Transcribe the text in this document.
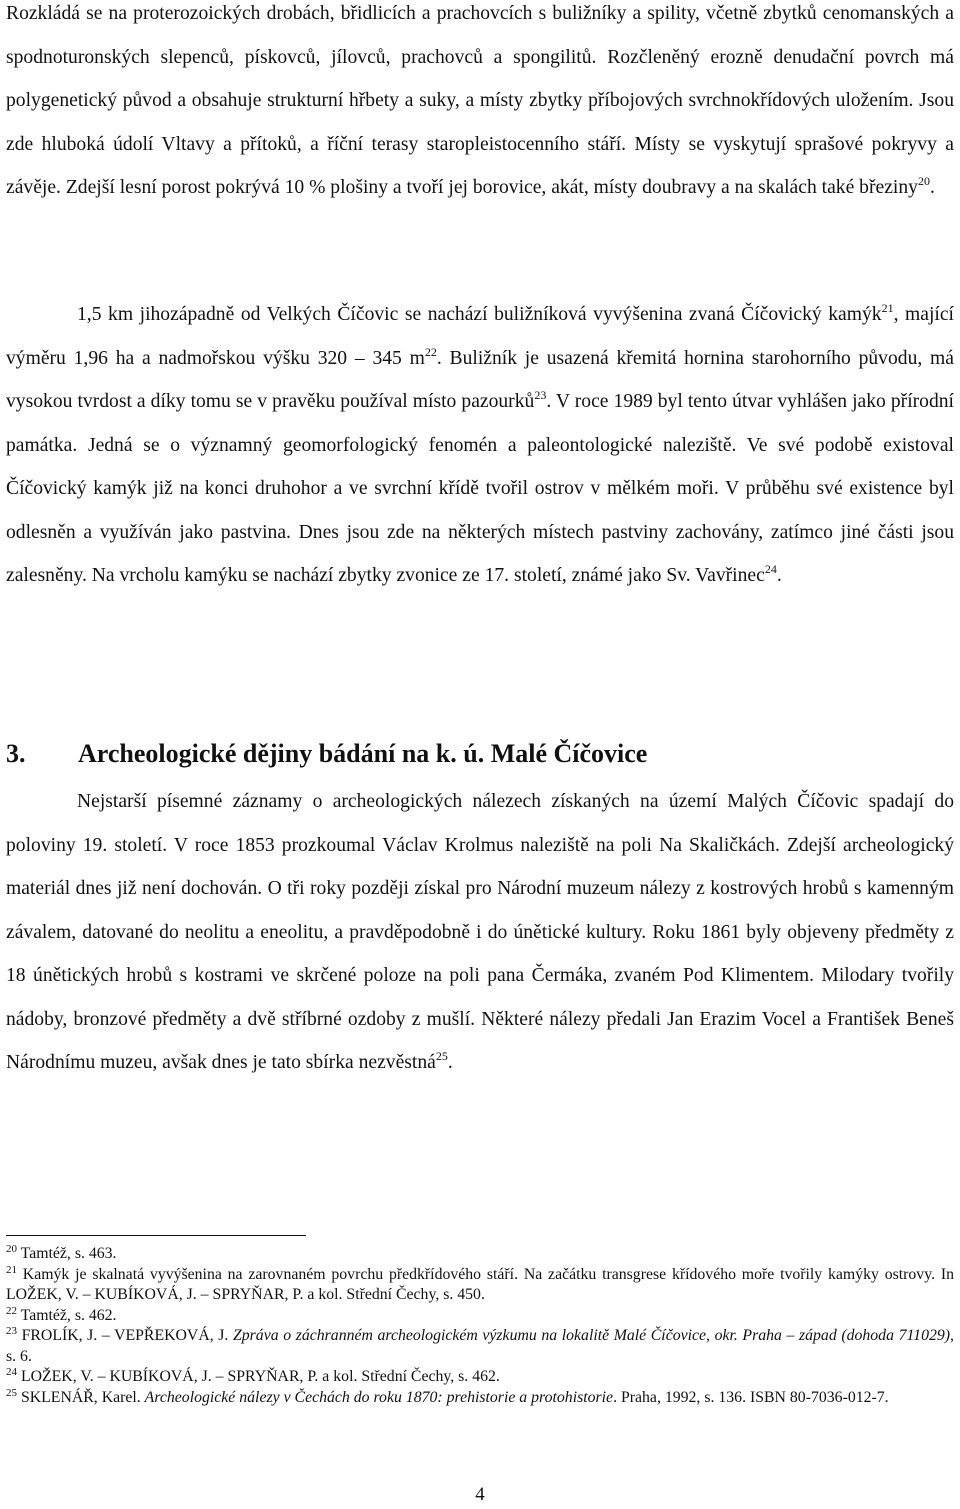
Rozkládá se na proterozoických drobách, břidlicích a prachovcích s buližníky a spility, včetně zbytků cenomanských a spodnoturonských slepenců, pískovců, jílovců, prachovců a spongilitů. Rozčleněný erozně denudační povrch má polygenetický původ a obsahuje strukturní hřbety a suky, a místy zbytky příbojových svrchnokřídových uložením. Jsou zde hluboká údolí Vltavy a přítoků, a říční terasy staropleistocenního stáří. Místy se vyskytují sprašové pokryvy a závěje. Zdejší lesní porost pokrývá 10 % plošiny a tvoří jej borovice, akát, místy doubravy a na skalách také březiny$^{20}$.

1,5 km jihozápadně od Velkých Číčovic se nachází buližníková vyvýšenina zvaná Číčovický kamýk$^{21}$, mající výměru 1,96 ha a nadmořskou výšku 320 – 345 $m^{22}$. Buližník je usazená křemitá hornina starohorního původu, má vysokou tvrdost a díky tomu se v pravěku používal místo pazourků$^{23}$. V roce 1989 byl tento útvar vyhlášen jako přírodní památka. Jedná se o významný geomorfologický fenomén a paleontologické naleziště. Ve své podobě existoval Číčovický kamýk již na konci druhohor a ve svrchní křídě tvořil ostrov v mělkém moři. V průběhu své existence byl odlesněn a využíván jako pastvina. Dnes jsou zde na některých místech pastviny zachovány, zatímco jiné části jsou zalesněny. Na vrcholu kamýku se nachází zbytky zvonice ze 17. století, známé jako Sv. Vavřinec$^{24}$.

3. Archeologické dějiny bádání na k. ú. Malé Číčovice

Nejstarší písemné záznamy o archeologických nálezech získaných na území Malých Číčovic spadají do poloviny 19. století. V roce 1853 prozkoumal Václav Krolmus naleziště na poli Na Skaličkách. Zdejší archeologický materiál dnes již není dochován. O tři roky později získal pro Národní muzeum nálezy z kostrových hrobů s kamenným závalem, datované do neolitu a eneolitu, a pravděpodobně i do únětické kultury. Roku 1861 byly objeveny předměty z 18 únětických hrobů s kostrami ve skrčené poloze na poli pana Čermáka, zvaném Pod Klimentem. Milodary tvořily nádoby, bronzové předměty a dvě stříbrné ozdoby z mušlí. Některé nálezy předali Jan Erazim Vocel a František Beneš Národnímu muzeu, avšak dnes je tato sbírka nezvěstná$^{25}$.

$^{20}$ Tamtéž, s. 463.

$^{21}$ Kamýk je skalnatá vyvýšenina na zarovnaném povrchu předkřídového stáří. Na začátku transgrese křídového moře tvořily kamýky ostrovy. In LOŽEK, V. – KUBÍKOVÁ, J. – SPRYŇAR, P. a kol. Střední Čechy, s. 450.

$^{22}$ Tamtéž, s. 462.

$^{23}$ FROLÍK, J. – VEPŘEKOVÁ, J. Zpráva o záchranném archeologickém výzkumu na lokalitě Malé Číčovice, okr. Praha – západ (dohoda 711029), s. 6.

$^{24}$ LOŽEK, V. – KUBÍKOVÁ, J. – SPRYŇAR, P. a kol. Střední Čechy, s. 462.

$^{25}$ SKLENÁŘ, Karel. Archeologické nálezy v Čechách do roku 1870: prehistorie a protohistorie. Praha, 1992, s. 136. ISBN 80-7036-012-7.

4
